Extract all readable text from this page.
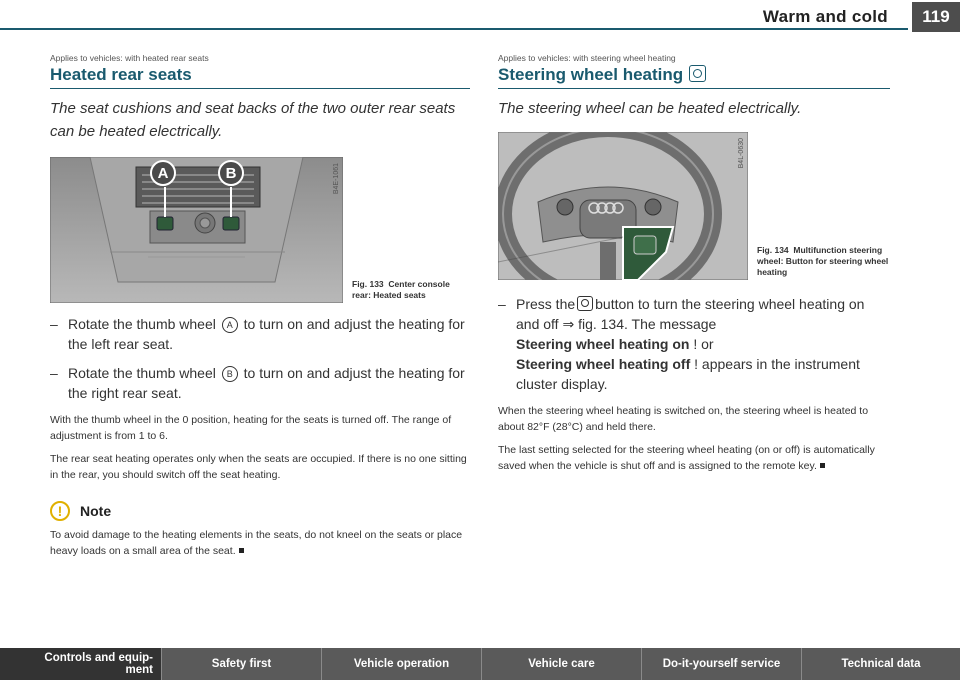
Warm and cold	119
Applies to vehicles: with heated rear seats
Heated rear seats

The seat cushions and seat backs of the two outer rear seats can be heated electrically.

A	B	B4E-1061
Fig. 133 Center console rear: Heated seats
– Rotate the thumb wheel A to turn on and adjust the heating for the left rear seat.
– Rotate the thumb wheel B to turn on and adjust the heating for the right rear seat.

With the thumb wheel in the 0 position, heating for the seats is turned off. The range of adjustment is from 1 to 6.

The rear seat heating operates only when the seats are occupied. If there is no one sitting in the rear, you should switch off the seat heating.

!	Note

To avoid damage to the heating elements in the seats, do not kneel on the seats or place heavy loads on a small area of the seat.

Applies to vehicles: with steering wheel heating
Steering wheel heating

The steering wheel can be heated electrically.

B4L-0630
Fig. 134 Multifunction steering wheel: Button for steering wheel heating
– Press the button to turn the steering wheel heating on and off ⇒ fig. 134. The message
Steering wheel heating on ! or
Steering wheel heating off ! appears in the instrument cluster display.

When the steering wheel heating is switched on, the steering wheel is heated to about 82°F (28°C) and held there.

The last setting selected for the steering wheel heating (on or off) is automatically saved when the vehicle is shut off and is assigned to the remote key.

Controls and equip-
ment	Safety first	Vehicle operation	Vehicle care	Do-it-yourself service	Technical data
